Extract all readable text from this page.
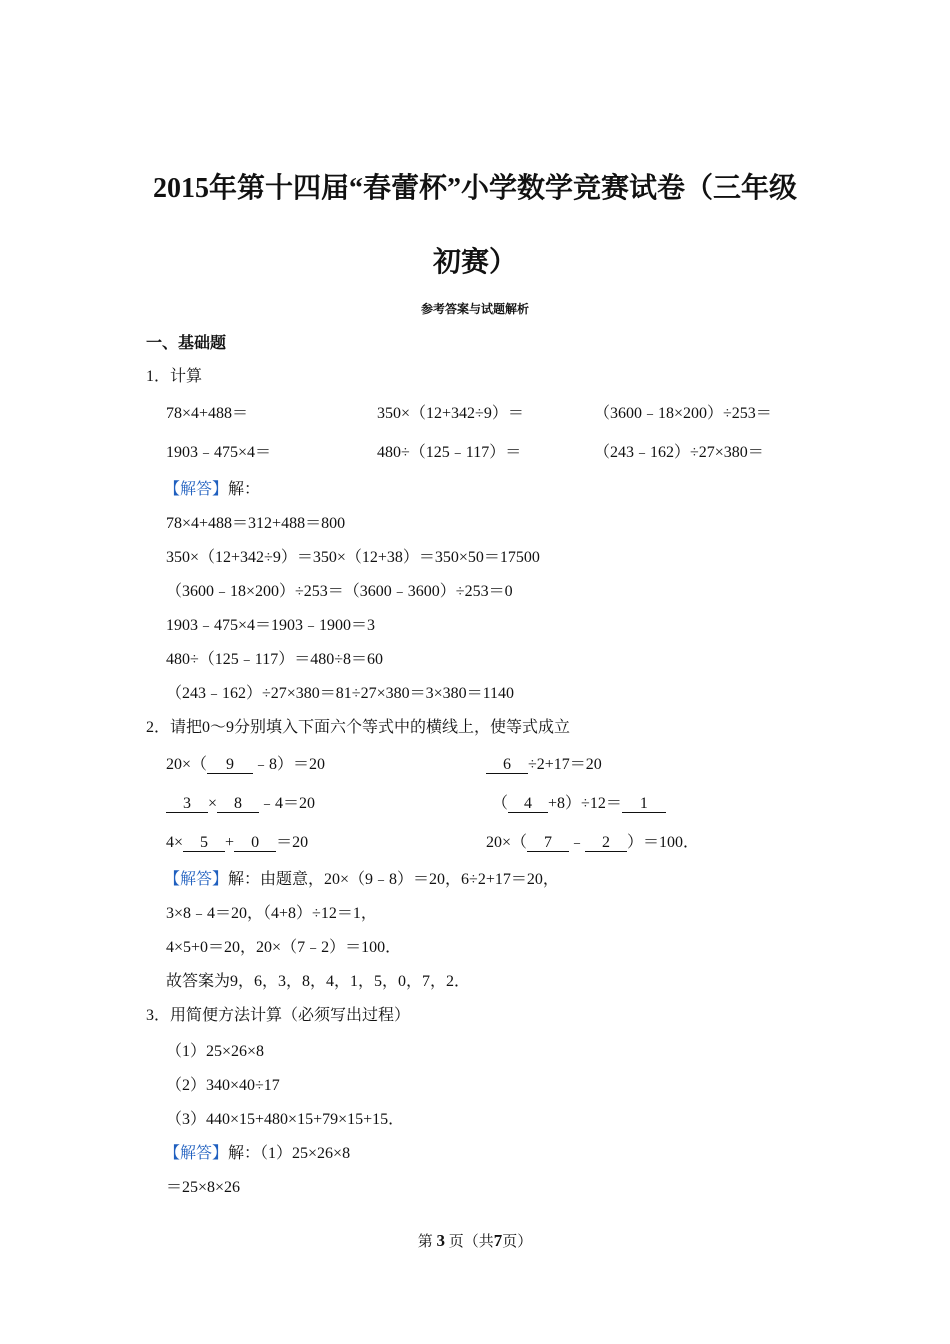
2015年第十四届“春蕾杯”小学数学竞赛试卷（三年级
初赛）
参考答案与试题解析
一、基础题
1．计算
78×4+488＝	350×（12+342÷9）＝	（3600﹣18×200）÷253＝
1903﹣475×4＝	480÷（125﹣117）＝	（243﹣162）÷27×380＝
【解答】解：
78×4+488＝312+488＝800
350×（12+342÷9）＝350×（12+38）＝350×50＝17500
（3600﹣18×200）÷253＝（3600﹣3600）÷253＝0
1903﹣475×4＝1903﹣1900＝3
480÷（125﹣117）＝480÷8＝60
（243﹣162）÷27×380＝81÷27×380＝3×380＝1140
2．请把0～9分别填入下面六个等式中的横线上，使等式成立
20×（ 9 ﹣8）＝20	6 ÷2+17＝20
3 × 8 ﹣4＝20	（ 4 +8）÷12＝ 1
4× 5 + 0 ＝20	20×（ 7 ﹣ 2 ）＝100．
【解答】解：由题意，20×（9﹣8）＝20，6÷2+17＝20，
3×8﹣4＝20，（4+8）÷12＝1，
4×5+0＝20，20×（7﹣2）＝100．
故答案为9，6，3，8，4，1，5，0，7，2．
3．用简便方法计算（必须写出过程）
（1）25×26×8
（2）340×40÷17
（3）440×15+480×15+79×15+15．
【解答】解：（1）25×26×8
＝25×8×26
第 3 页（共7页）
